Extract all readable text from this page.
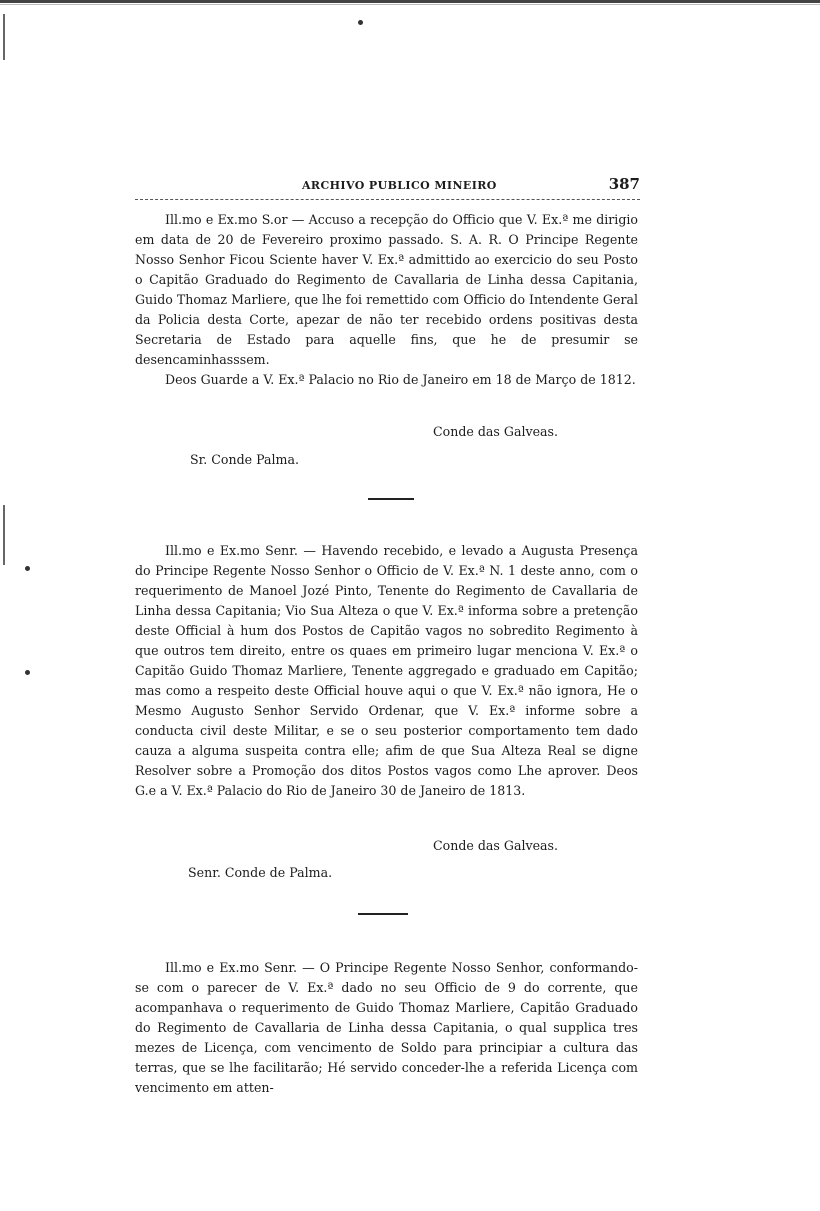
ARCHIVO PUBLICO MINEIRO	387

Ill.mo e Ex.mo S.or — Accuso a recepção do Officio que V. Ex.ª me dirigio em data de 20 de Fevereiro proximo passado. S. A. R. O Principe Regente Nosso Senhor Ficou Sciente haver V. Ex.ª admittido ao exercicio do seu Posto o Capitão Graduado do Regimento de Cavallaria de Linha dessa Capitania, Guido Thomaz Marliere, que lhe foi remettido com Officio do Intendente Geral da Policia desta Corte, apezar de não ter recebido ordens positivas desta Secretaria de Estado para aquelle fins, que he de presumir se desencaminhasssem.

Deos Guarde a V. Ex.ª Palacio no Rio de Janeiro em 18 de Março de 1812.

Conde das Galveas.
Sr. Conde Palma.

Ill.mo e Ex.mo Senr. — Havendo recebido, e levado a Augusta Presença do Principe Regente Nosso Senhor o Officio de V. Ex.ª N. 1 deste anno, com o requerimento de Manoel Jozé Pinto, Tenente do Regimento de Cavallaria de Linha dessa Capitania; Vio Sua Alteza o que V. Ex.ª informa sobre a pretenção deste Official à hum dos Postos de Capitão vagos no sobredito Regimento à que outros tem direito, entre os quaes em primeiro lugar menciona V. Ex.ª o Capitão Guido Thomaz Marliere, Tenente aggregado e graduado em Capitão; mas como a respeito deste Official houve aqui o que V. Ex.ª não ignora, He o Mesmo Augusto Senhor Servido Ordenar, que V. Ex.ª informe sobre a conducta civil deste Militar, e se o seu posterior comportamento tem dado cauza a alguma suspeita contra elle; afim de que Sua Alteza Real se digne Resolver sobre a Promoção dos ditos Postos vagos como Lhe aprover. Deos G.e a V. Ex.ª Palacio do Rio de Janeiro 30 de Janeiro de 1813.

Conde das Galveas.
Senr. Conde de Palma.

Ill.mo e Ex.mo Senr. — O Principe Regente Nosso Senhor, conformando-se com o parecer de V. Ex.ª dado no seu Officio de 9 do corrente, que acompanhava o requerimento de Guido Thomaz Marliere, Capitão Graduado do Regimento de Cavallaria de Linha dessa Capitania, o qual supplica tres mezes de Licença, com vencimento de Soldo para principiar a cultura das terras, que se lhe facilitarão; Hé servido conceder-lhe a referida Licença com vencimento em atten-
